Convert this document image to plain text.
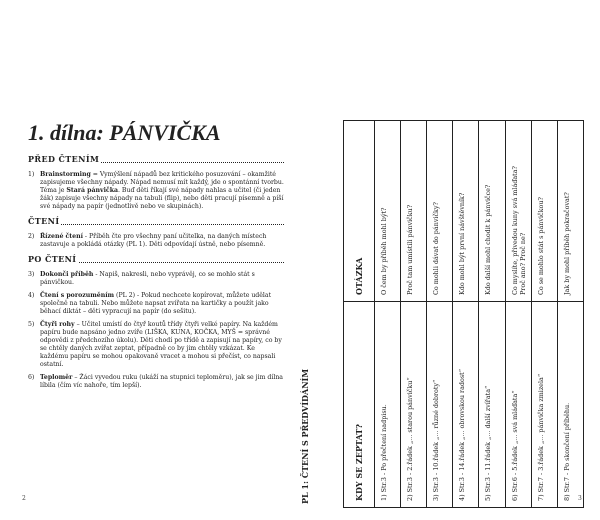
1. dílna: PÁNVIČKA
PŘED ČTENÍM
1) Brainstorming = Vymýšlení nápadů bez kritického posuzování – okamžité zapisujeme všechny nápady. Nápad nemusí mít každý, jde o spontánní tvorbu. Téma je Stará pánvička. Buď děti říkají své nápady nahlas a učitel (či jeden žák) zapisuje všechny nápady na tabuli (flip), nebo děti pracují písemně a píší své nápady na papír (jednotlivě nebo ve skupinách).
ČTENÍ
2) Řízené čtení - Příběh čte pro všechny paní učitelka, na daných místech zastavuje a pokládá otázky (PL 1). Děti odpovídají ústně, nebo písemně.
PO ČTENÍ
3) Dokonči příběh - Napiš, nakresli, nebo vyprávěj, co se mohlo stát s pánvičkou.
4) Čtení s porozuměním (PL 2) - Pokud nechcete kopírovat, můžete udělat společně na tabuli. Nebo můžete napsat zvířata na kartičky a použít jako běhací diktát – děti vypracují na papír (do sešitu).
5) Čtyři rohy – Učitel umístí do čtyř koutů třídy čtyři velké papíry. Na každém papíru bude napsáno jedno zvíře (LIŠKA, KUNA, KOČKA, MYŠ = správné odpovědi z předchozího úkolu). Děti chodí po třídě a zapisují na papíry, co by se chtěly daných zvířat zeptat, případně co by jim chtěly vzkázat. Ke každému papíru se mohou opakovaně vracet a mohou si přečíst, co napsali ostatní.
6) Teploměr – Žáci vyvedou ruku (ukáží na stupnici teploměru), jak se jim dílna líbila (čím víc nahoře, tím lepší).
2	PL 1: ČTENÍ S PŘEDVÍDÁNÍM	KDY SE ZEPTAT?
OTÁZKA
1) Str.3 - Po přečtení nadpisu.
O čem by příběh mohl být?
2) Str.3 - 2.řádek „... starou pánvičku“
Proč tam umístili pánvičku?
3) Str.3 - 10.řádek „... různé dobroty“
Co mohli dávat do pánvičky?
4) Str.3 - 14.řádek „... obrovskou radost“
Kdo mohl být první návštěvník?
5) Str.3 - 11.řádek „... další zvířata“
Kdo další mohl chodit k pánvičce?
6) Str.6 - 5.řádek „... svá mláďata“
Co myslíte, přivedou kuny svá mláďata? Proč ano? Proč ne?
7) Str.7 - 3.řádek „... pánvička zmizela“
Co se mohlo stát s pánvičkou?
8) Str.7 - Po skončení příběhu.
Jak by mohl příběh pokračovat?
3
